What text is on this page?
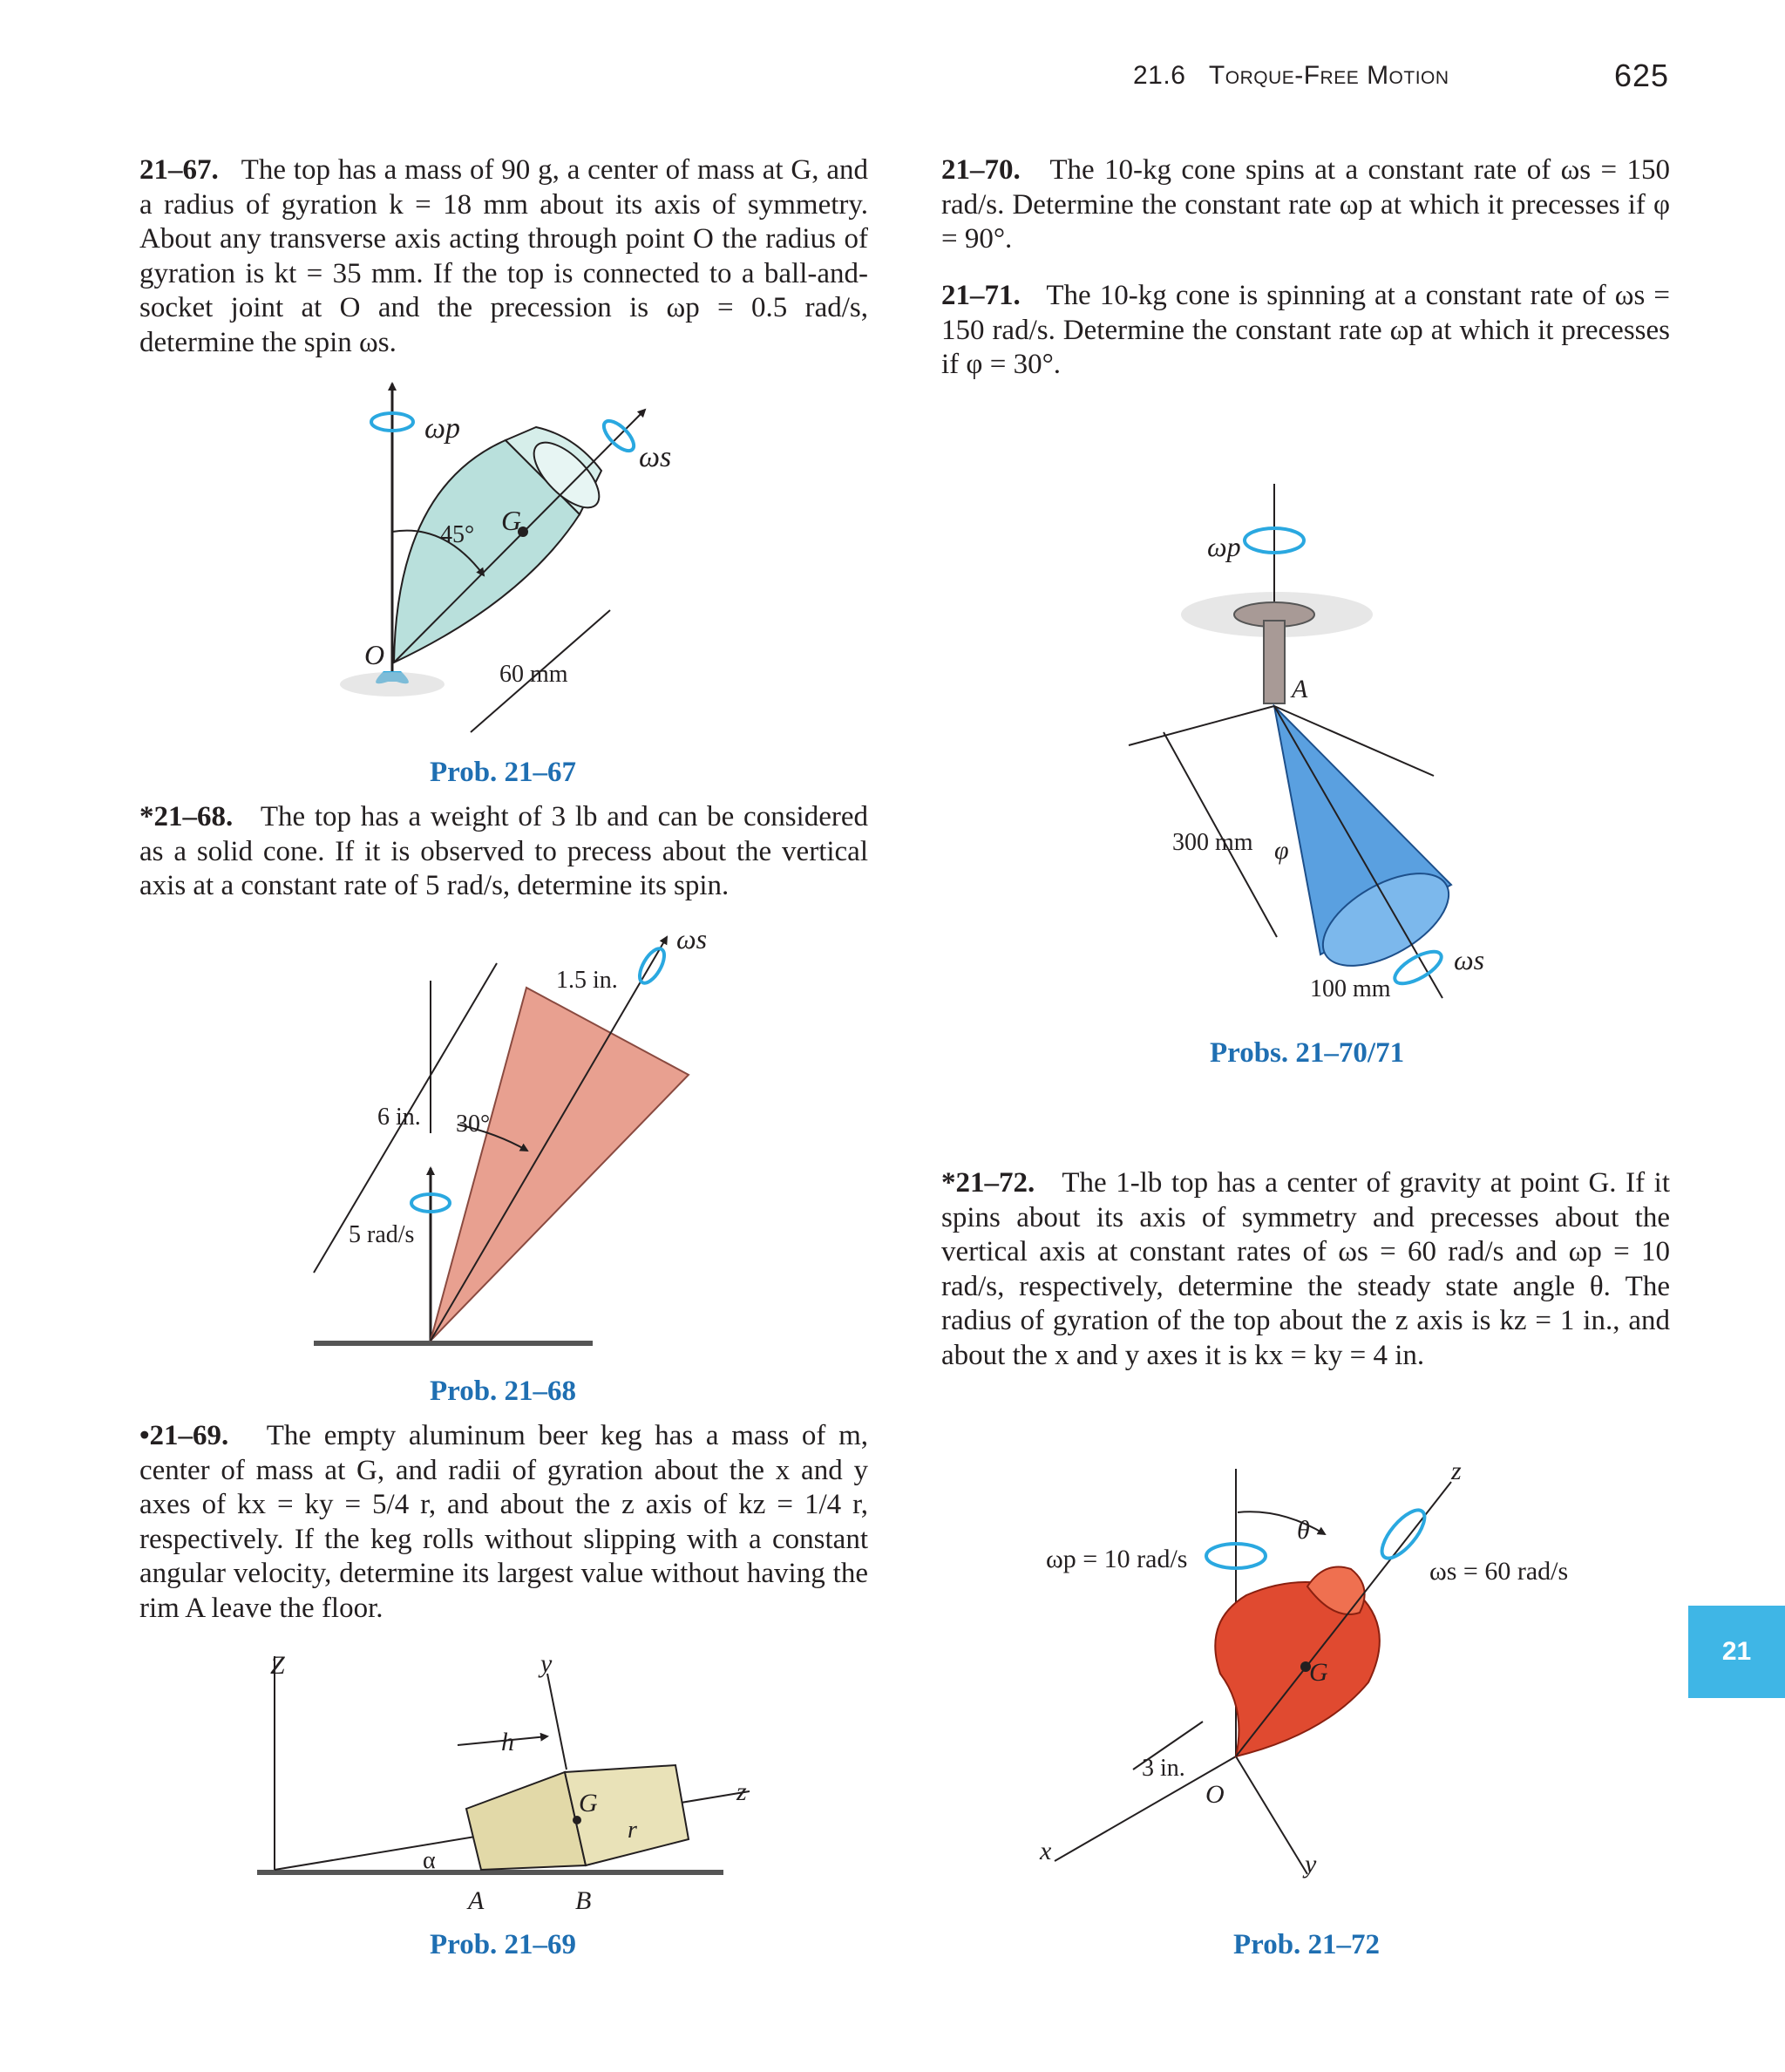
21.6 Torque-Free Motion	625
21–67. The top has a mass of 90 g, a center of mass at G, and a radius of gyration k = 18 mm about its axis of symmetry. About any transverse axis acting through point O the radius of gyration is kt = 35 mm. If the top is connected to a ball-and-socket joint at O and the precession is ωp = 0.5 rad/s, determine the spin ωs.
*21–68. The top has a weight of 3 lb and can be considered as a solid cone. If it is observed to precess about the vertical axis at a constant rate of 5 rad/s, determine its spin.
•21–69. The empty aluminum beer keg has a mass of m, center of mass at G, and radii of gyration about the x and y axes of kx = ky = 5/4 r, and about the z axis of kz = 1/4 r, respectively. If the keg rolls without slipping with a constant angular velocity, determine its largest value without having the rim A leave the floor.
21–70. The 10-kg cone spins at a constant rate of ωs = 150 rad/s. Determine the constant rate ωp at which it precesses if φ = 90°.
21–71. The 10-kg cone is spinning at a constant rate of ωs = 150 rad/s. Determine the constant rate ωp at which it precesses if φ = 30°.
*21–72. The 1-lb top has a center of gravity at point G. If it spins about its axis of symmetry and precesses about the vertical axis at constant rates of ωs = 60 rad/s and ωp = 10 rad/s, respectively, determine the steady state angle θ. The radius of gyration of the top about the z axis is kz = 1 in., and about the x and y axes it is kx = ky = 4 in.
Prob. 21–67
Prob. 21–68
Prob. 21–69
Probs. 21–70/71
Prob. 21–72
21
ωp
ωs
45° G
O
60 mm
ωs
1.5 in.
6 in. 30°
5 rad/s
Z	y
h
G	z
r
α
A	B
ωp
A
300 mm φ
ωs
100 mm
ωp = 10 rad/s
θ
z
ωs = 60 rad/s
G
3 in.
O
x	y
